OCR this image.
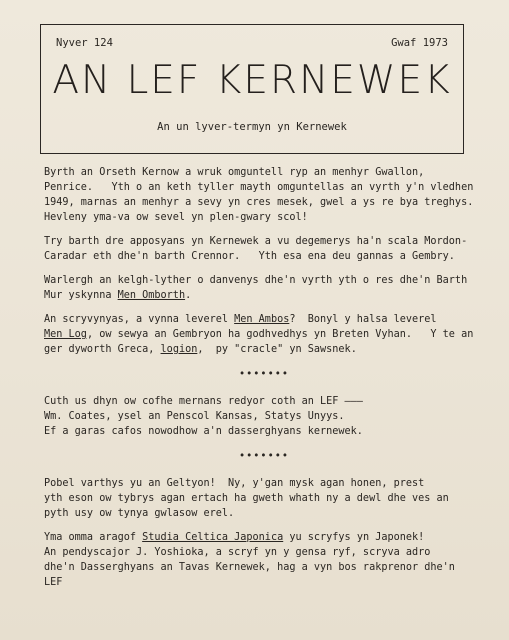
Nyver 124	Gwaf 1973
AN LEF KERNEWEK
An un lyver-termyn yn Kernewek
Byrth an Orseth Kernow a wruk omguntell ryp an menhyr Gwallon,
Penrice.   Yth o an keth tyller mayth omguntellas an vyrth y'n vledhen
1949, marnas an menhyr a sevy yn cres mesek, gwel a ys re bya treghys.
Hevleny yma-va ow sevel yn plen-gwary scol!
Try barth dre apposyans yn Kernewek a vu degemerys ha'n scala Mordon-
Caradar eth dhe'n barth Crennor.   Yth esa ena deu gannas a Gembry.
Warlergh an kelgh-lyther o danvenys dhe'n vyrth yth o res dhe'n Barth
Mur yskynna Men Omborth.
An scryvynyas, a vynna leverel Men Ambos?  Bonyl y halsa leverel
Men Log, ow sewya an Gembryon ha godhvedhys yn Breten Vyhan.   Y te an
ger dyworth Greca, logion,  py "cracle" yn Sawsnek.
•••••••
Cuth us dhyn ow cofhe mernans redyor coth an LEF ———
Wm. Coates, ysel an Penscol Kansas, Statys Unyys.
Ef a garas cafos nowodhow a'n dasserghyans kernewek.
•••••••
Pobel varthys yu an Geltyon!  Ny, y'gan mysk agan honen, prest
yth eson ow tybrys agan ertach ha gweth whath ny a dewl dhe ves an
pyth usy ow tynya gwlasow erel.
Yma omma aragof Studia Celtica Japonica yu scryfys yn Japonek!
An pendyscajor J. Yoshioka, a scryf yn y gensa ryf, scryva adro
dhe'n Dasserghyans an Tavas Kernewek, hag a vyn bos rakprenor dhe'n
LEF
